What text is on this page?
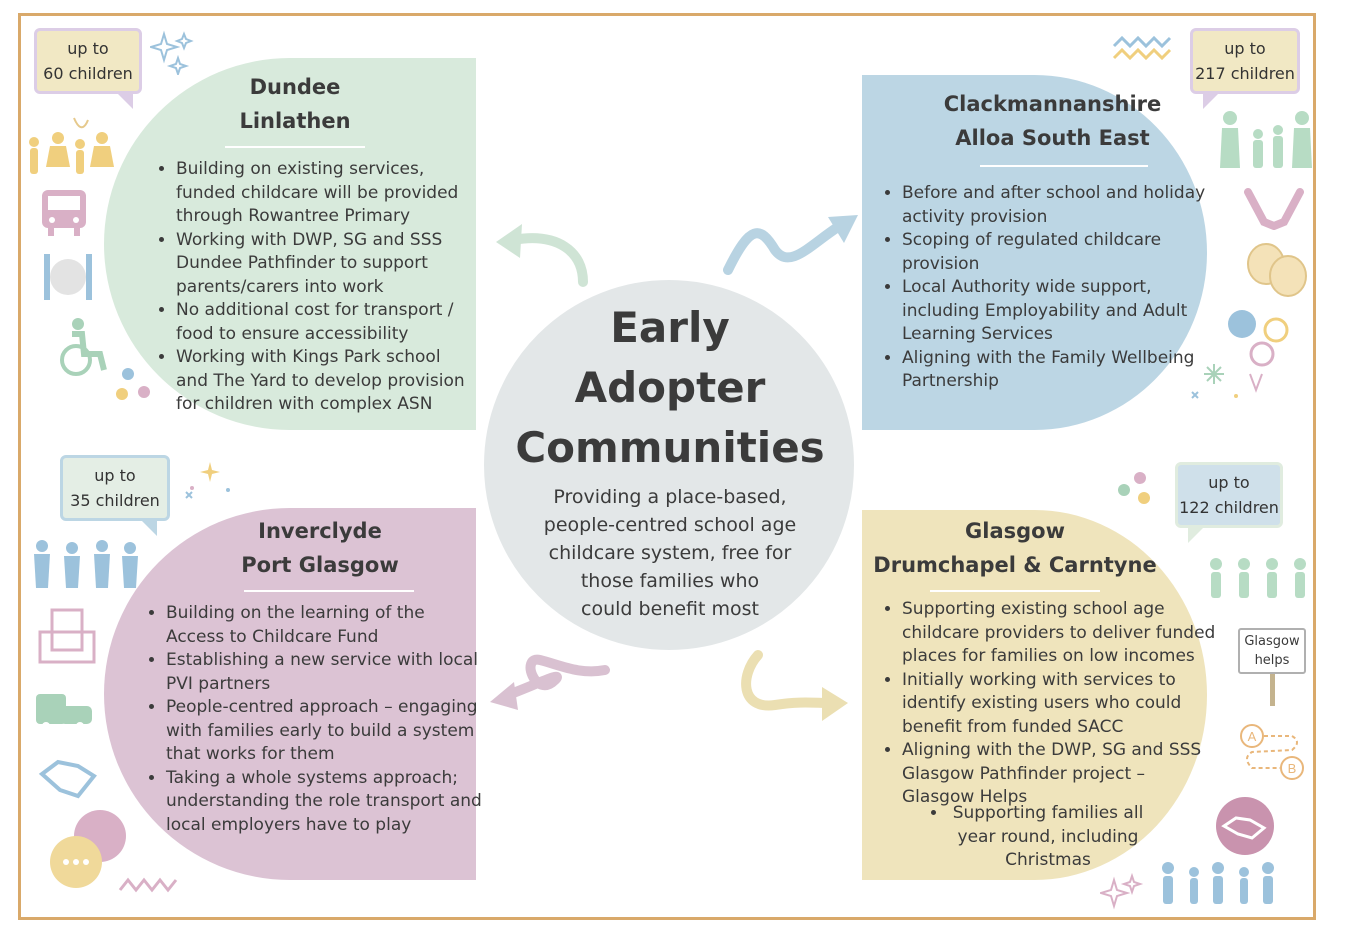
Early
Adopter
Communities
Providing a place-based,
people-centred school age
childcare system, free for
those families who
could benefit most
Dundee
Linlathen
• Building on existing services, funded childcare will be provided through Rowantree Primary
• Working with DWP, SG and SSS Dundee Pathfinder to support parents/carers into work
• No additional cost for transport / food to ensure accessibility
• Working with Kings Park school and The Yard to develop provision for children with complex ASN
up to
60 children
Clackmannanshire
Alloa South East
• Before and after school and holiday activity provision
• Scoping of regulated childcare provision
• Local Authority wide support, including Employability and Adult Learning Services
• Aligning with the Family Wellbeing Partnership
up to
217 children
Inverclyde
Port Glasgow
• Building on the learning of the Access to Childcare Fund
• Establishing a new service with local PVI partners
• People-centred approach – engaging with families early to build a system that works for them
• Taking a whole systems approach; understanding the role transport and local employers have to play
up to
35 children
Glasgow
Drumchapel & Carntyne
• Supporting existing school age childcare providers to deliver funded places for families on low incomes
• Initially working with services to identify existing users who could benefit from funded SACC
• Aligning with the DWP, SG and SSS Glasgow Pathfinder project – Glasgow Helps
• Supporting families all year round, including Christmas
up to
122 children
Glasgow
helps
A
B
